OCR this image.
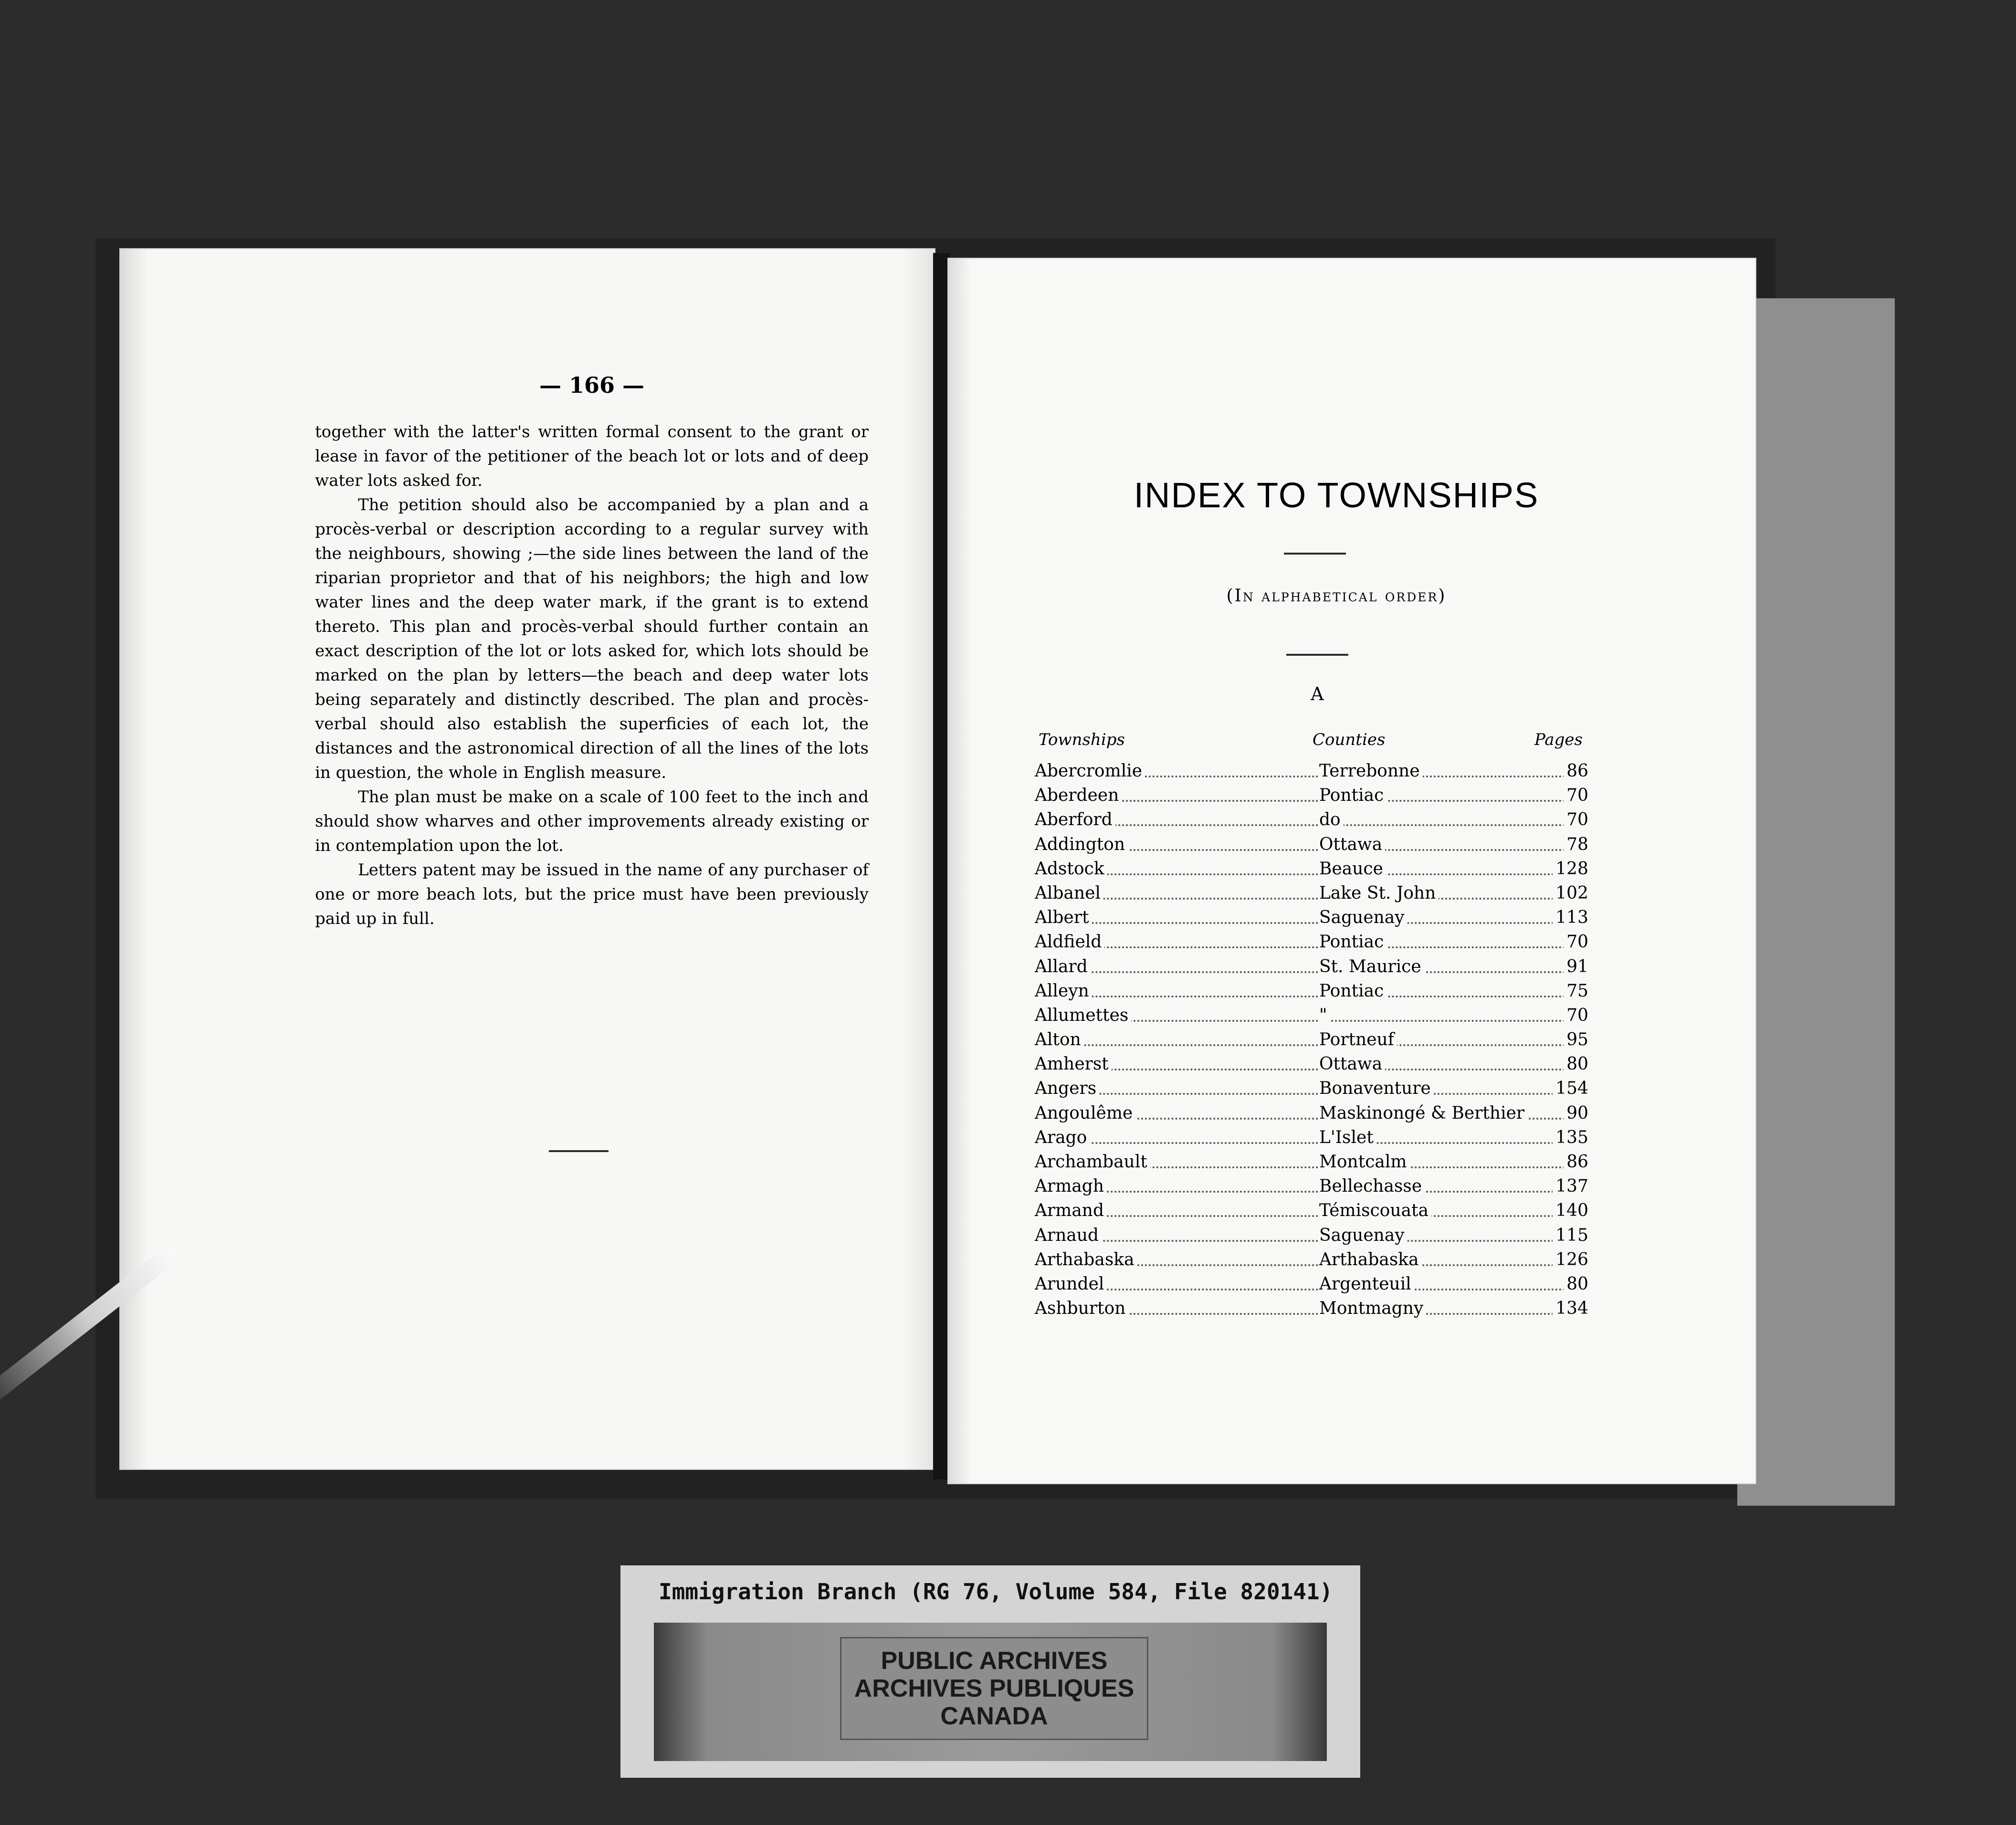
— 166 —

together with the latter's written formal consent to the grant or lease in favor of the petitioner of the beach lot or lots and of deep water lots asked for.

The petition should also be accompanied by a plan and a procès-verbal or description according to a regular survey with the neighbours, showing ;—the side lines between the land of the riparian proprietor and that of his neighbors; the high and low water lines and the deep water mark, if the grant is to extend thereto. This plan and procès-verbal should further contain an exact description of the lot or lots asked for, which lots should be marked on the plan by letters—the beach and deep water lots being separately and distinctly described. The plan and procès-verbal should also establish the superficies of each lot, the distances and the astronomical direction of all the lines of the lots in question, the whole in English measure.

The plan must be make on a scale of 100 feet to the inch and should show wharves and other improvements already existing or in contemplation upon the lot.

Letters patent may be issued in the name of any purchaser of one or more beach lots, but the price must have been previously paid up in full.

INDEX TO TOWNSHIPS
(In alphabetical order)
A
Townships	Counties	Pages
Abercromlie	Terrebonne	86
Aberdeen	Pontiac	70
Aberford	do	70
Addington	Ottawa	78
Adstock	Beauce	128
Albanel	Lake St. John	102
Albert	Saguenay	113
Aldfield	Pontiac	70
Allard	St. Maurice	91
Alleyn	Pontiac	75
Allumettes	"	70
Alton	Portneuf	95
Amherst	Ottawa	80
Angers	Bonaventure	154
Angoulême	Maskinongé & Berthier 90
Arago	L'Islet	135
Archambault	Montcalm	86
Armagh	Bellechasse	137
Armand	Témiscouata	140
Arnaud	Saguenay	115
Arthabaska	Arthabaska	126
Arundel	Argenteuil	80
Ashburton	Montmagny	134
Immigration Branch (RG 76, Volume 584, File 820141)
PUBLIC ARCHIVES
ARCHIVES PUBLIQUES
CANADA
